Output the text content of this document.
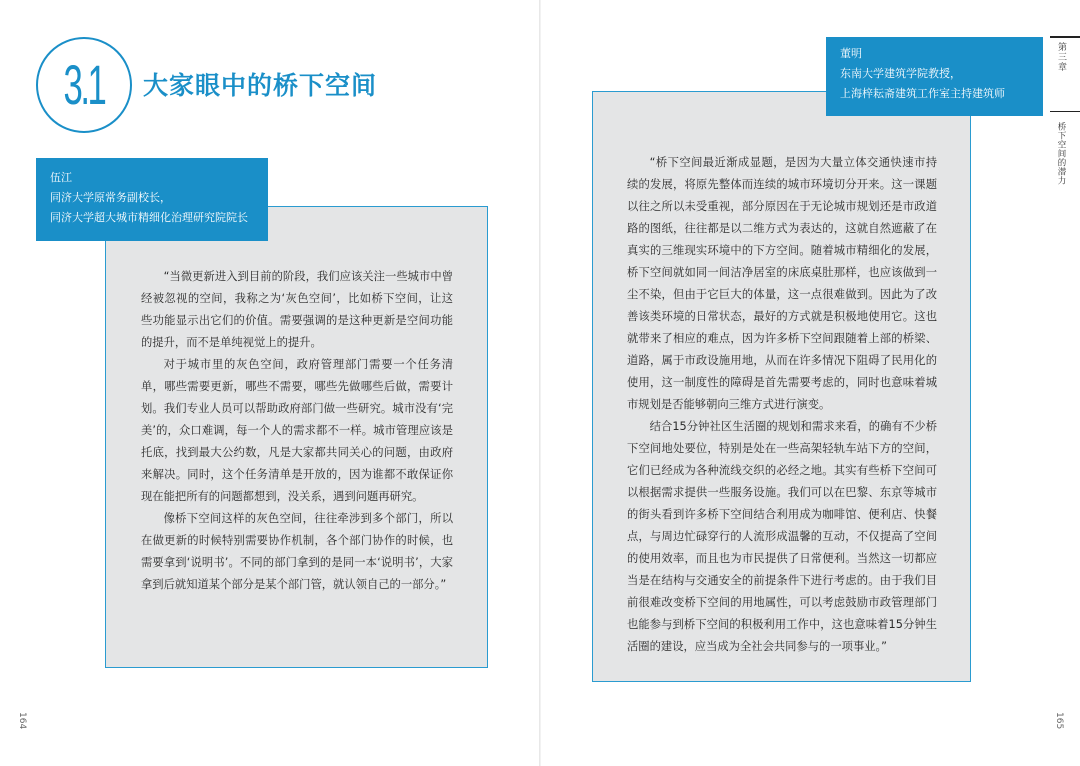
3.1 大家眼中的桥下空间
伍江
同济大学原常务副校长，
同济大学超大城市精细化治理研究院院长

“当微更新进入到目前的阶段，我们应该关注一些城市中曾经被忽视的空间，我称之为‘灰色空间’，比如桥下空间，让这些功能显示出它们的价值。需要强调的是这种更新是空间功能的提升，而不是单纯视觉上的提升。

对于城市里的灰色空间，政府管理部门需要一个任务清单，哪些需要更新，哪些不需要，哪些先做哪些后做，需要计划。我们专业人员可以帮助政府部门做一些研究。城市没有‘完美’的，众口难调，每一个人的需求都不一样。城市管理应该是托底，找到最大公约数，凡是大家都共同关心的问题，由政府来解决。同时，这个任务清单是开放的，因为谁都不敢保证你现在能把所有的问题都想到，没关系，遇到问题再研究。

像桥下空间这样的灰色空间，往往牵涉到多个部门，所以在做更新的时候特别需要协作机制，各个部门协作的时候，也需要拿到‘说明书’。不同的部门拿到的是同一本‘说明书’，大家拿到后就知道某个部分是某个部门管，就认领自己的一部分。”

董明
东南大学建筑学院教授，
上海梓耘斋建筑工作室主持建筑师

“桥下空间最近渐成显题，是因为大量立体交通快速市持续的发展，将原先整体而连续的城市环境切分开来。这一课题以往之所以未受重视，部分原因在于无论城市规划还是市政道路的图纸，往往都是以二维方式为表达的，这就自然遮蔽了在真实的三维现实环境中的下方空间。随着城市精细化的发展，桥下空间就如同一间洁净居室的床底桌肚那样，也应该做到一尘不染，但由于它巨大的体量，这一点很难做到。因此为了改善该类环境的日常状态，最好的方式就是积极地使用它。这也就带来了相应的难点，因为许多桥下空间跟随着上部的桥梁、道路，属于市政设施用地，从而在许多情况下阻碍了民用化的使用，这一制度性的障碍是首先需要考虑的，同时也意味着城市规划是否能够朝向三维方式进行演变。

结合15分钟社区生活圈的规划和需求来看，的确有不少桥下空间地处要位，特别是处在一些高架轻轨车站下方的空间，它们已经成为各种流线交织的必经之地。其实有些桥下空间可以根据需求提供一些服务设施。我们可以在巴黎、东京等城市的街头看到许多桥下空间结合利用成为咖啡馆、便利店、快餐点，与周边忙碌穿行的人流形成温馨的互动，不仅提高了空间的使用效率，而且也为市民提供了日常便利。当然这一切都应当是在结构与交通安全的前提条件下进行考虑的。由于我们目前很难改变桥下空间的用地属性，可以考虑鼓励市政管理部门也能参与到桥下空间的积极利用工作中，这也意味着15分钟生活圈的建设，应当成为全社会共同参与的一项事业。”

第三章
桥下空间的潜力
164	165
